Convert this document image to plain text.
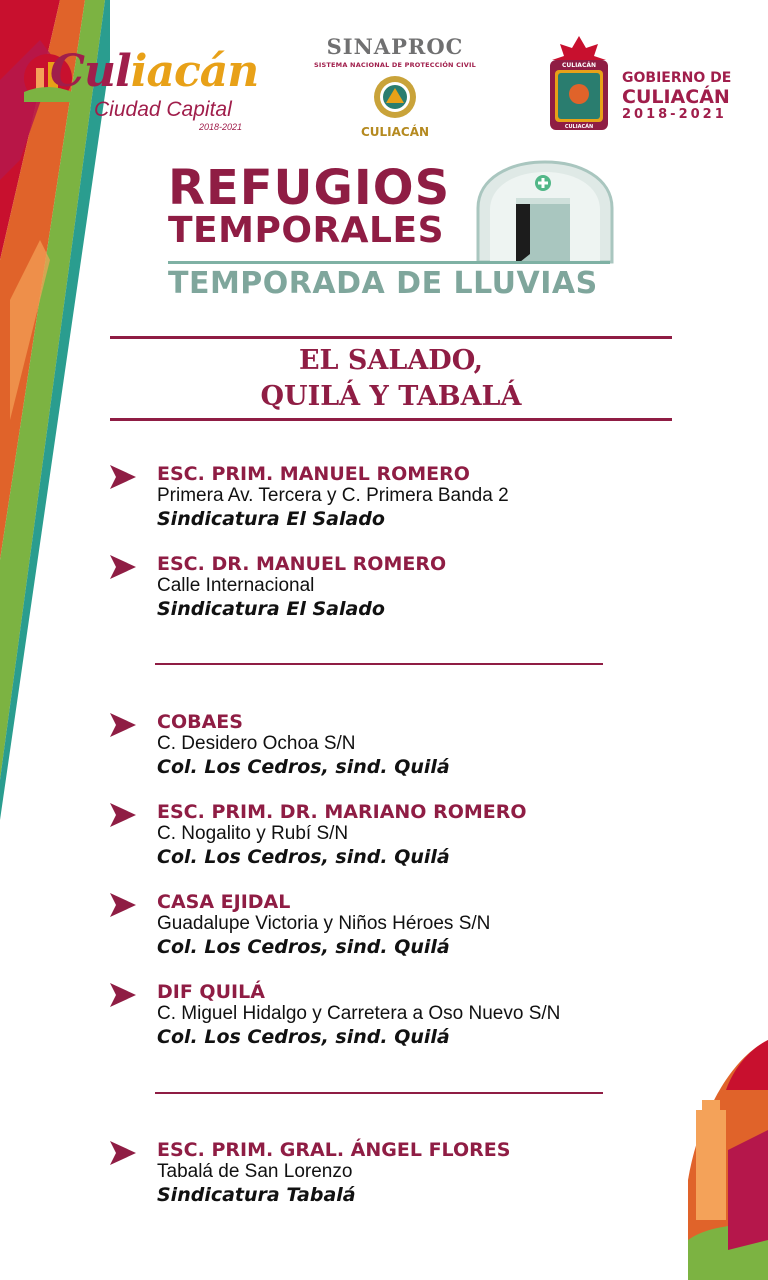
Culiacán
Ciudad Capital
2018-2021
SINAPROC
SISTEMA NACIONAL DE PROTECCIÓN CIVIL
CULIACÁN
CULIACÁN
CULIACÁN
GOBIERNO DE
CULIACÁN
2018-2021
REFUGIOS
TEMPORALES
TEMPORADA DE LLUVIAS
EL SALADO,
QUILÁ Y TABALÁ
ESC. PRIM. MANUEL ROMERO
Primera Av. Tercera y C. Primera Banda 2
Sindicatura El Salado
ESC. DR. MANUEL ROMERO
Calle Internacional
Sindicatura El Salado
COBAES
C. Desidero Ochoa S/N
Col. Los Cedros, sind. Quilá
ESC. PRIM. DR. MARIANO ROMERO
C. Nogalito y Rubí S/N
Col. Los Cedros, sind. Quilá
CASA EJIDAL
Guadalupe Victoria y Niños Héroes S/N
Col. Los Cedros, sind. Quilá
DIF QUILÁ
C. Miguel Hidalgo y Carretera a Oso Nuevo S/N
Col. Los Cedros, sind. Quilá
ESC. PRIM. GRAL. ÁNGEL FLORES
Tabalá de San Lorenzo
Sindicatura Tabalá
